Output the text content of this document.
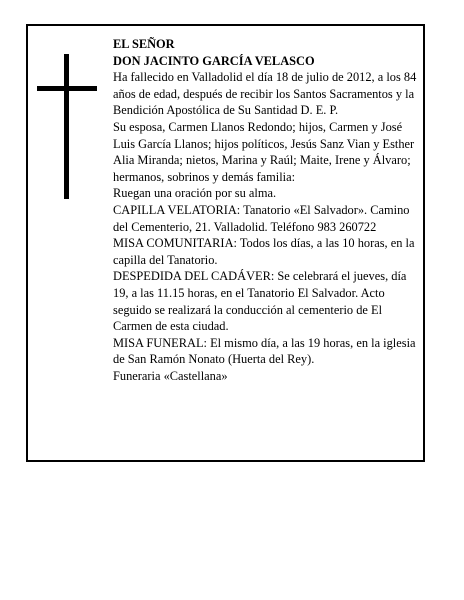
EL SEÑOR

DON JACINTO GARCÍA VELASCO

Ha fallecido en Valladolid el día 18 de julio de 2012, a los 84 años de edad, después de recibir los Santos Sacramentos y la Bendición Apostólica de Su Santidad D. E. P.

Su esposa, Carmen Llanos Redondo; hijos, Carmen y José Luis García Llanos; hijos políticos, Jesús Sanz Vian y Esther Alia Miranda; nietos, Marina y Raúl; Maite, Irene y Álvaro; hermanos, sobrinos y demás familia:

Ruegan una oración por su alma.

CAPILLA VELATORIA: Tanatorio «El Salvador». Camino del Cementerio, 21. Valladolid. Teléfono 983 260722

MISA COMUNITARIA: Todos los días, a las 10 horas, en la capilla del Tanatorio.

DESPEDIDA DEL CADÁVER: Se celebrará el jueves, día 19, a las 11.15 horas, en el Tanatorio El Salvador. Acto seguido se realizará la conducción al cementerio de El Carmen de esta ciudad.

MISA FUNERAL: El mismo día, a las 19 horas, en la iglesia de San Ramón Nonato (Huerta del Rey).

Funeraria «Castellana»
